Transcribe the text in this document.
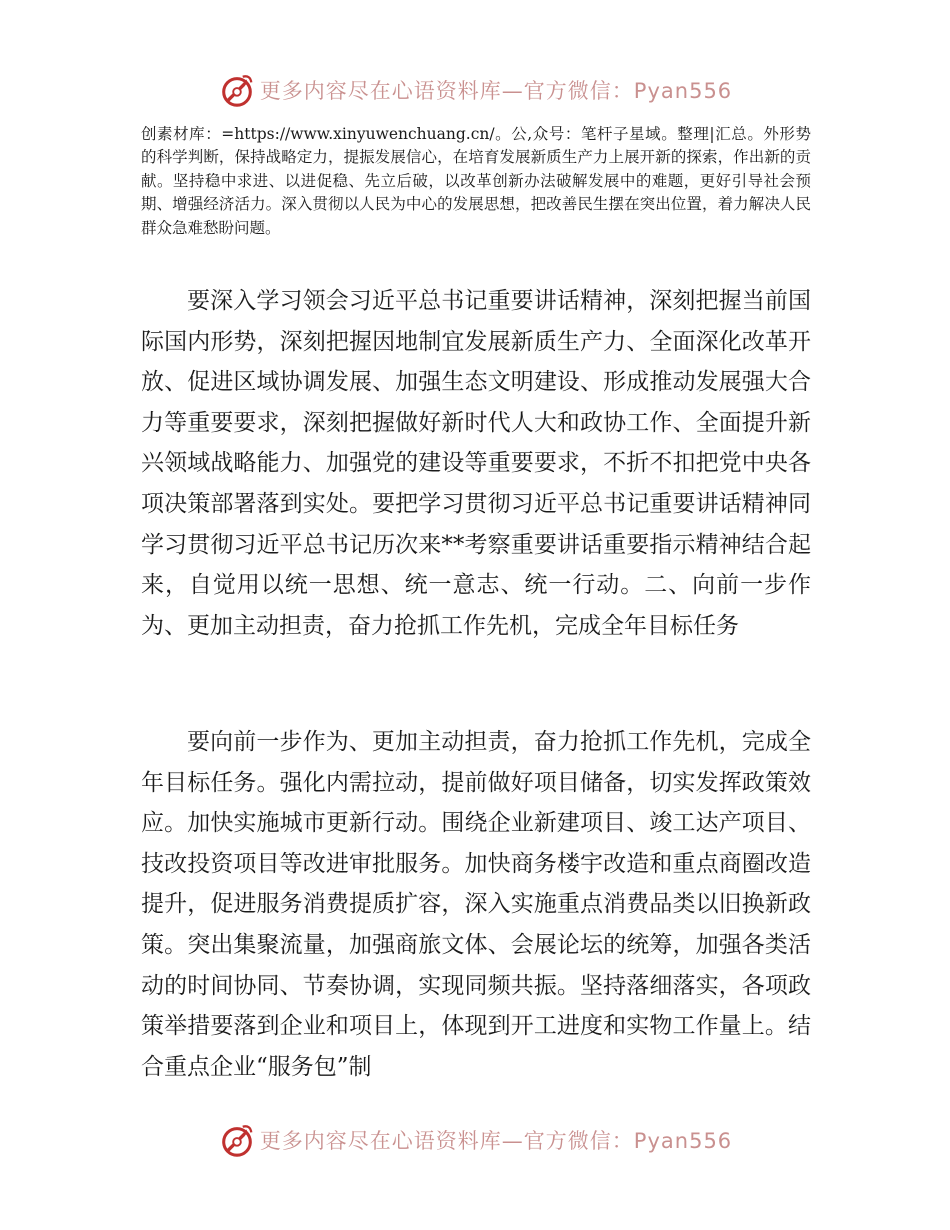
更多内容尽在心语资料库—官方微信：Pyan556

创素材库：=https://www.xinyuwenchuang.cn/。公,众号：笔杆子星域。整理|汇总。外形势的科学判断，保持战略定力，提振发展信心，在培育发展新质生产力上展开新的探索，作出新的贡献。坚持稳中求进、以进促稳、先立后破，以改革创新办法破解发展中的难题，更好引导社会预期、增强经济活力。深入贯彻以人民为中心的发展思想，把改善民生摆在突出位置，着力解决人民群众急难愁盼问题。

要深入学习领会习近平总书记重要讲话精神，深刻把握当前国际国内形势，深刻把握因地制宜发展新质生产力、全面深化改革开放、促进区域协调发展、加强生态文明建设、形成推动发展强大合力等重要要求，深刻把握做好新时代人大和政协工作、全面提升新兴领域战略能力、加强党的建设等重要要求，不折不扣把党中央各项决策部署落到实处。要把学习贯彻习近平总书记重要讲话精神同学习贯彻习近平总书记历次来**考察重要讲话重要指示精神结合起来，自觉用以统一思想、统一意志、统一行动。二、向前一步作为、更加主动担责，奋力抢抓工作先机，完成全年目标任务

要向前一步作为、更加主动担责，奋力抢抓工作先机，完成全年目标任务。强化内需拉动，提前做好项目储备，切实发挥政策效应。加快实施城市更新行动。围绕企业新建项目、竣工达产项目、技改投资项目等改进审批服务。加快商务楼宇改造和重点商圈改造提升，促进服务消费提质扩容，深入实施重点消费品类以旧换新政策。突出集聚流量，加强商旅文体、会展论坛的统筹，加强各类活动的时间协同、节奏协调，实现同频共振。坚持落细落实，各项政策举措要落到企业和项目上，体现到开工进度和实物工作量上。结合重点企业“服务包”制

更多内容尽在心语资料库—官方微信：Pyan556
